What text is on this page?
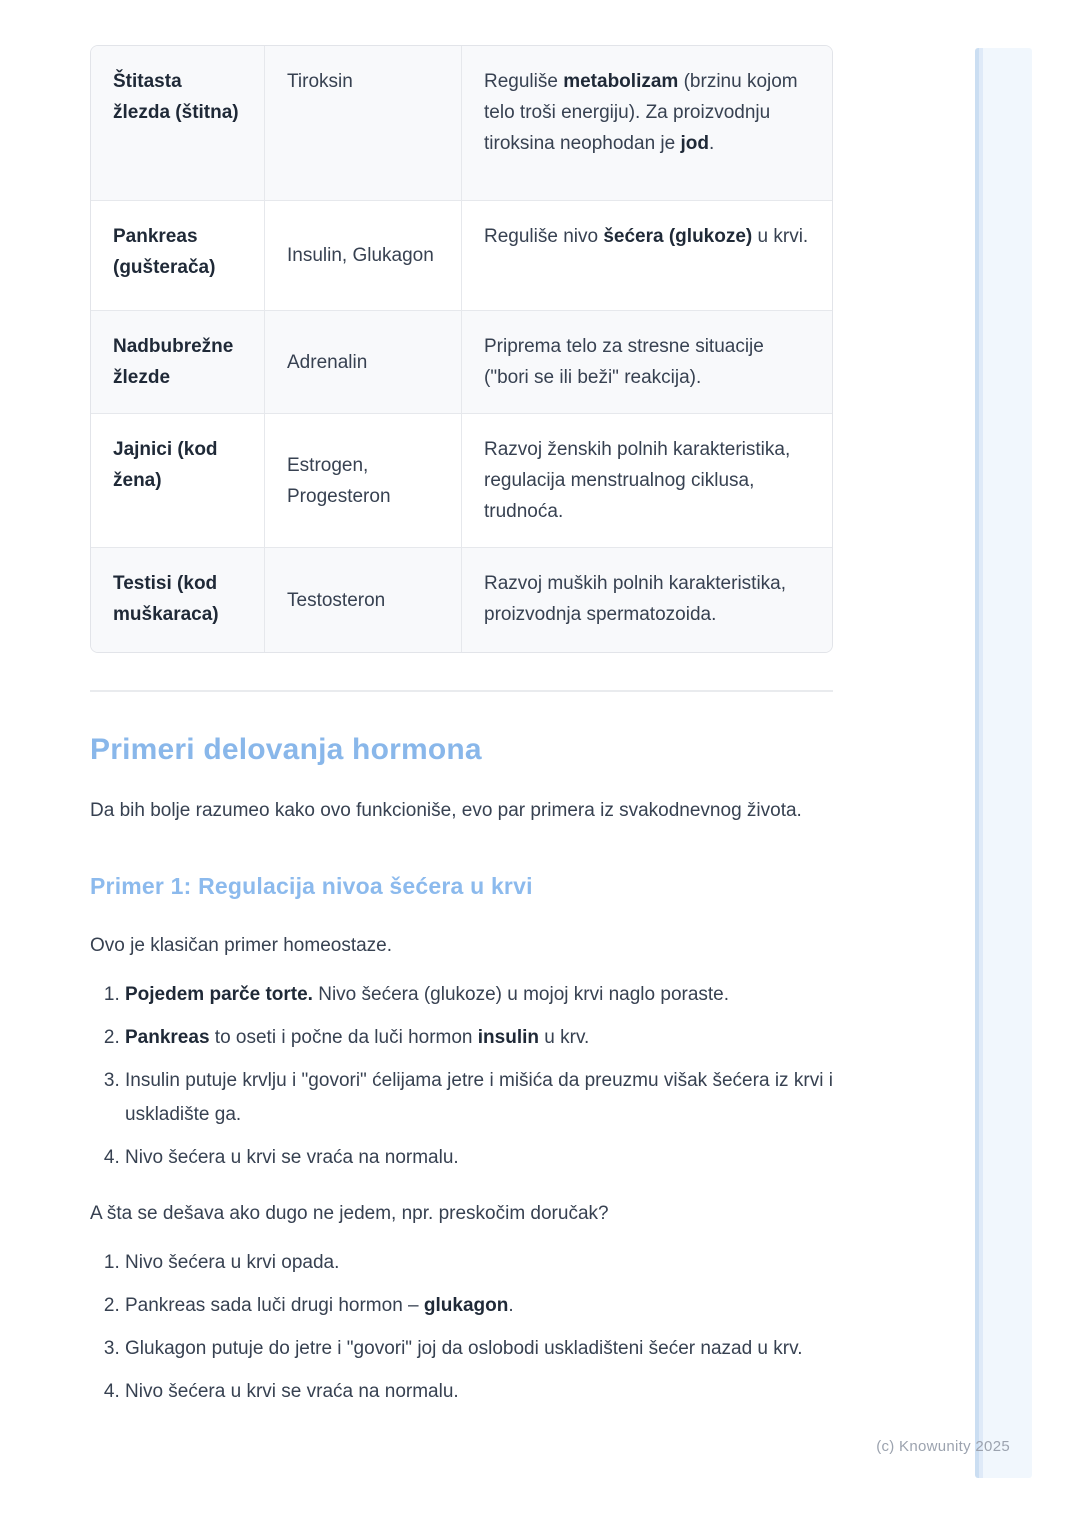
(c) Knowunity 2025
Štitasta žlezda (štitna)	Tiroksin	Reguliše metabolizam (brzinu kojom telo troši energiju). Za proizvodnju tiroksina neophodan je jod.
Pankreas (gušterača)	Insulin, Glukagon	Reguliše nivo šećera (glukoze) u krvi.
Nadbubrežne žlezde	Adrenalin	Priprema telo za stresne situacije ("bori se ili beži" reakcija).
Jajnici (kod žena)	Estrogen, Progesteron	Razvoj ženskih polnih karakteristika, regulacija menstrualnog ciklusa, trudnoća.
Testisi (kod muškaraca)	Testosteron	Razvoj muških polnih karakteristika, proizvodnja spermatozoida.
Primeri delovanja hormona

Da bih bolje razumeo kako ovo funkcioniše, evo par primera iz svakodnevnog života.

Primer 1: Regulacija nivoa šećera u krvi

Ovo je klasičan primer homeostaze.

1. Pojedem parče torte. Nivo šećera (glukoze) u mojoj krvi naglo poraste.
2. Pankreas to oseti i počne da luči hormon insulin u krv.
3. Insulin putuje krvlju i "govori" ćelijama jetre i mišića da preuzmu višak šećera iz krvi i uskladište ga.
4. Nivo šećera u krvi se vraća na normalu.

A šta se dešava ako dugo ne jedem, npr. preskočim doručak?

1. Nivo šećera u krvi opada.
2. Pankreas sada luči drugi hormon – glukagon.
3. Glukagon putuje do jetre i "govori" joj da oslobodi uskladišteni šećer nazad u krv.
4. Nivo šećera u krvi se vraća na normalu.
